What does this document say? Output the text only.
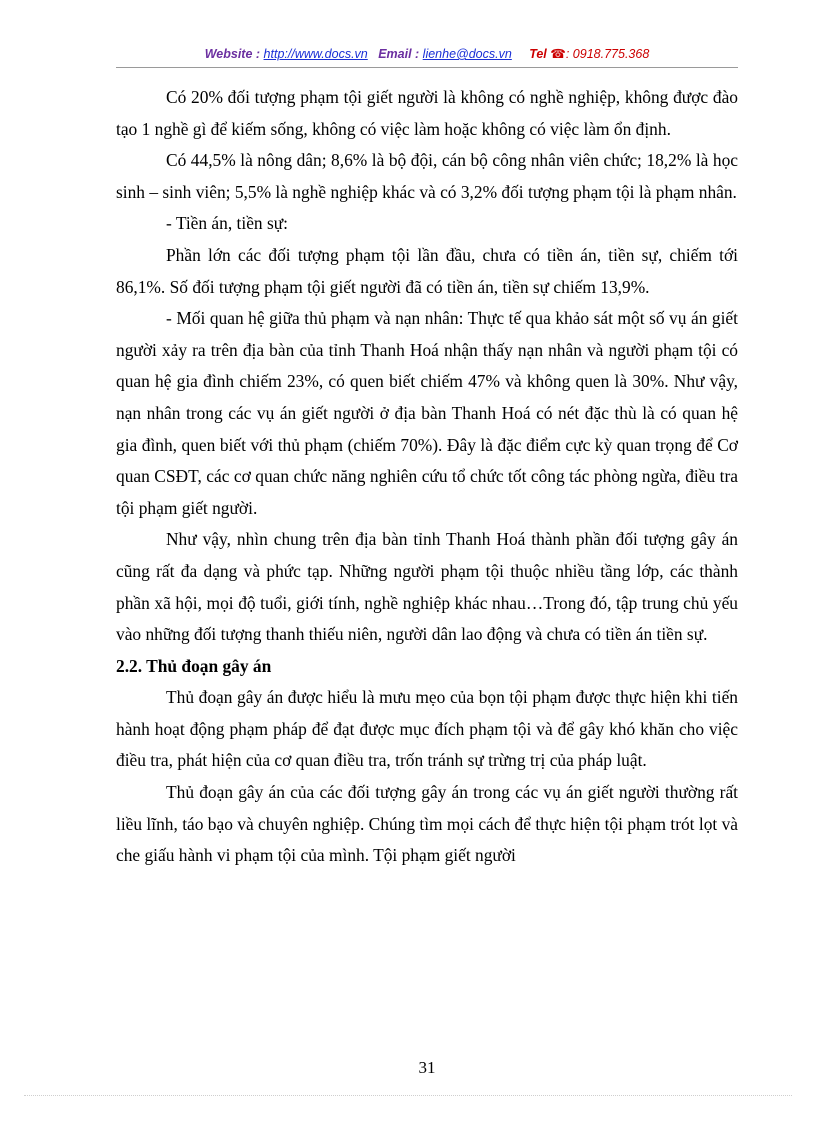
Website : http://www.docs.vn Email : lienhe@docs.vn Tel ☎: 0918.775.368

Có 20% đối tượng phạm tội giết người là không có nghề nghiệp, không được đào tạo 1 nghề gì để kiếm sống, không có việc làm hoặc không có việc làm ổn định.

Có 44,5% là nông dân; 8,6% là bộ đội, cán bộ công nhân viên chức; 18,2% là học sinh – sinh viên; 5,5% là nghề nghiệp khác và có 3,2% đối tượng phạm tội là phạm nhân.

- Tiền án, tiền sự:

Phần lớn các đối tượng phạm tội lần đầu, chưa có tiền án, tiền sự, chiếm tới 86,1%. Số đối tượng phạm tội giết người đã có tiền án, tiền sự chiếm 13,9%.

- Mối quan hệ giữa thủ phạm và nạn nhân: Thực tế qua khảo sát một số vụ án giết người xảy ra trên địa bàn của tỉnh Thanh Hoá nhận thấy nạn nhân và người phạm tội có quan hệ gia đình chiếm 23%, có quen biết chiếm 47% và không quen là 30%. Như vậy, nạn nhân trong các vụ án giết người ở địa bàn Thanh Hoá có nét đặc thù là có quan hệ gia đình, quen biết với thủ phạm (chiếm 70%). Đây là đặc điểm cực kỳ quan trọng để Cơ quan CSĐT, các cơ quan chức năng nghiên cứu tổ chức tốt công tác phòng ngừa, điều tra tội phạm giết người.

Như vậy, nhìn chung trên địa bàn tỉnh Thanh Hoá thành phần đối tượng gây án cũng rất đa dạng và phức tạp. Những người phạm tội thuộc nhiều tầng lớp, các thành phần xã hội, mọi độ tuổi, giới tính, nghề nghiệp khác nhau…Trong đó, tập trung chủ yếu vào những đối tượng thanh thiếu niên, người dân lao động và chưa có tiền án tiền sự.

2.2. Thủ đoạn gây án

Thủ đoạn gây án được hiểu là mưu mẹo của bọn tội phạm được thực hiện khi tiến hành hoạt động phạm pháp để đạt được mục đích phạm tội và để gây khó khăn cho việc điều tra, phát hiện của cơ quan điều tra, trốn tránh sự trừng trị của pháp luật.

Thủ đoạn gây án của các đối tượng gây án trong các vụ án giết người thường rất liều lĩnh, táo bạo và chuyên nghiệp. Chúng tìm mọi cách để thực hiện tội phạm trót lọt và che giấu hành vi phạm tội của mình. Tội phạm giết người

31
